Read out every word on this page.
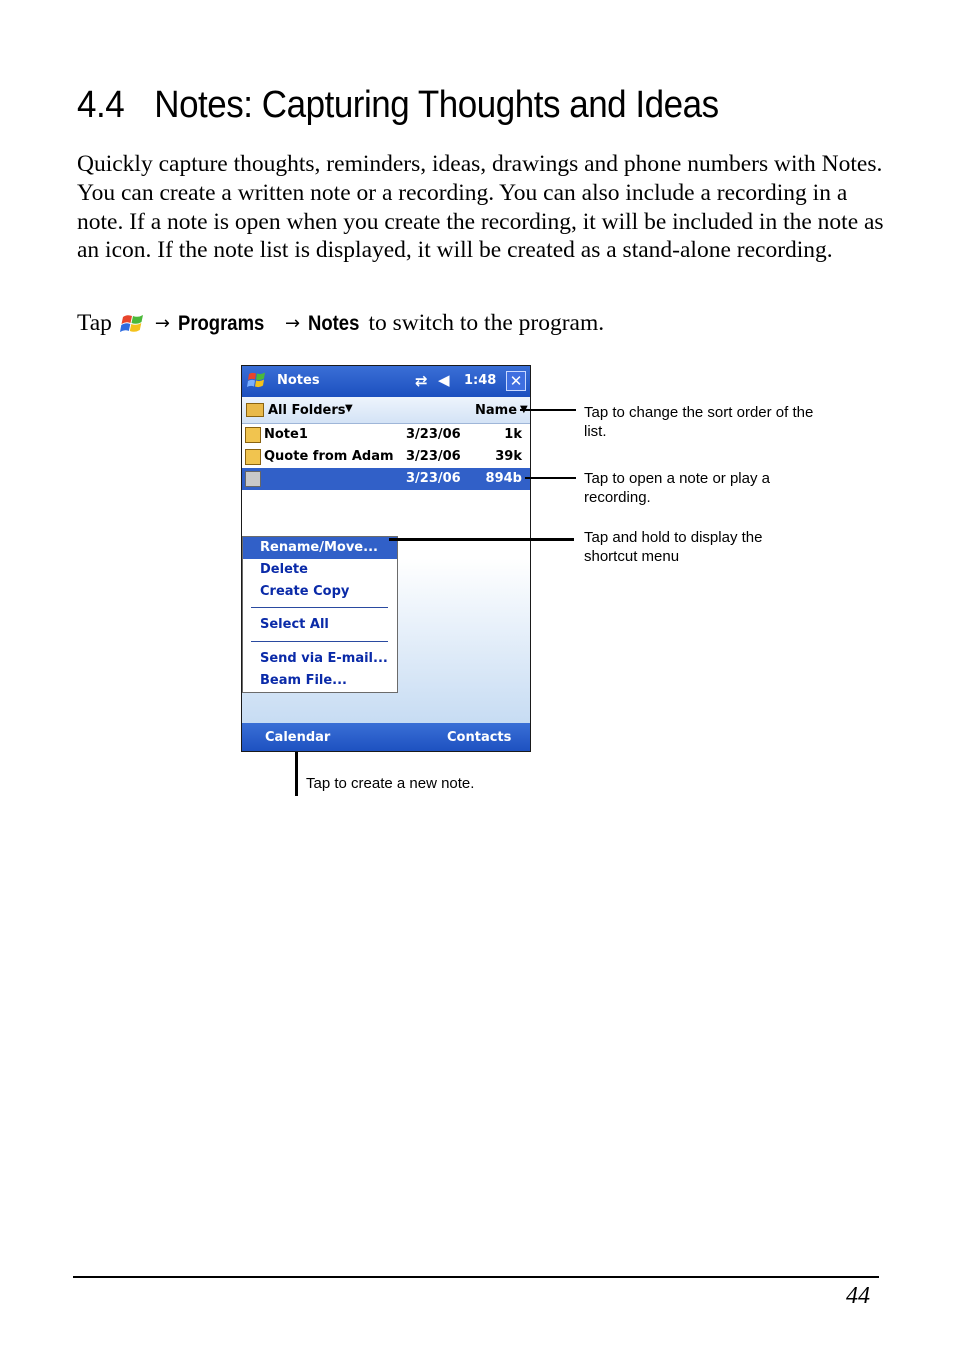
4.4 Notes: Capturing Thoughts and Ideas
Quickly capture thoughts, reminders, ideas, drawings and phone numbers with Notes. You can create a written note or a recording. You can also include a recording in a note. If a note is open when you create the recording, it will be included in the note as an icon. If the note list is displayed, it will be created as a stand-alone recording.
Tap → Programs → Notes to switch to the program.
Notes	⇄ ◀ 1:48 ✕
All Folders ▼	Name
Note1	3/23/06	1k
Quote from Adam 3/23/06	39k
3/23/06 894b
Rename/Move...
Delete
Create Copy
Select All
Send via E-mail...
Beam File...
Calendar	Contacts
Tap to change the sort order of the list.
Tap to open a note or play a recording.
Tap and hold to display the shortcut menu
Tap to create a new note.
44
